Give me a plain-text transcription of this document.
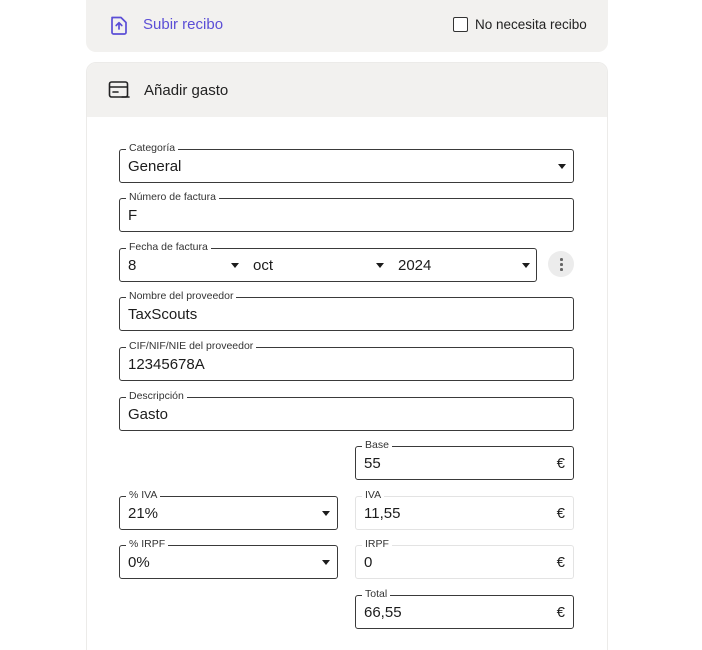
Subir recibo	No necesita recibo
Añadir gasto
Categoría
General
Número de factura
F
Fecha de factura
8	oct	2024
Nombre del proveedor
TaxScouts
CIF/NIF/NIE del proveedor
12345678A
Descripción
Gasto
Base
55	€
% IVA
21%
IVA
11,55	€
% IRPF
0%
IRPF
0	€
Total
66,55	€
